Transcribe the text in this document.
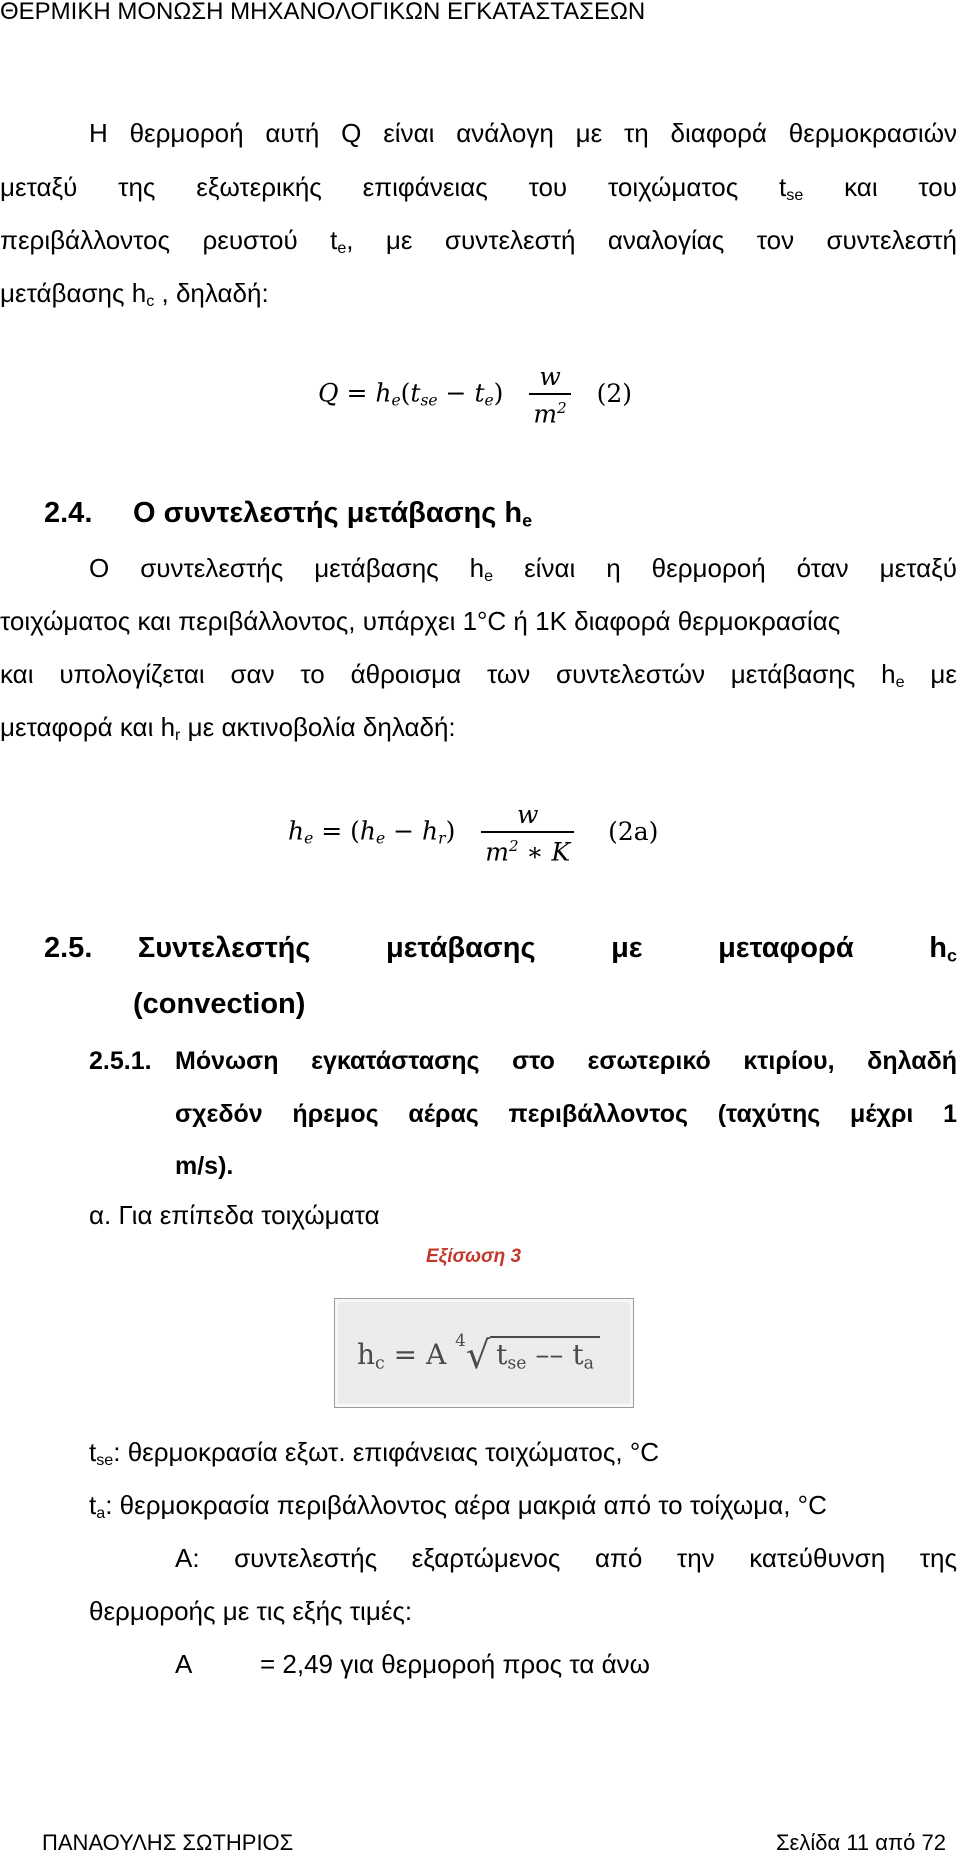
ΘΕΡΜΙΚΗ ΜΟΝΩΣΗ ΜΗΧΑΝΟΛΟΓΙΚΩΝ ΕΓΚΑΤΑΣΤΑΣΕΩΝ
Η θερμοροή αυτή Q είναι ανάλογη με τη διαφορά θερμοκρασιών
μεταξύ της εξωτερικής επιφάνειας του τοιχώματος $t_{se}$ και του
περιβάλλοντος ρευστού $t_e$, με συντελεστή αναλογίας τον συντελεστή
μετάβασης $h_c$ , δηλαδή:
$Q = h_e(t_{se} - t_e) \frac{w}{m^2} (2)$
2.4. Ο συντελεστής μετάβασης $h_e$
Ο συντελεστής μετάβασης $h_e$ είναι η θερμοροή όταν μεταξύ
τοιχώματος και περιβάλλοντος, υπάρχει 1°C ή 1K διαφορά θερμοκρασίας
και υπολογίζεται σαν το άθροισμα των συντελεστών μετάβασης $h_e$ με
μεταφορά και $h_r$ με ακτινοβολία δηλαδή:
$h_e = (h_e - h_r) \frac{w}{m^2 ∗ K} (2a)$
2.5. Συντελεστής	μετάβασης	με	μεταφορά	$h_c$
(convection)
2.5.1. Μόνωση εγκατάστασης στο εσωτερικό κτιρίου, δηλαδή
σχεδόν ήρεμος αέρας περιβάλλοντος (ταχύτης μέχρι 1
m/s).
α. Για επίπεδα τοιχώματα
Εξίσωση 3
$h_c = A$ $^4$√ $t_{se} -- t_a$
$t_{se}$: θερμοκρασία εξωτ. επιφάνειας τοιχώματος, °C
$t_a$: θερμοκρασία περιβάλλοντος αέρα μακριά από το τοίχωμα, °C
Α: συντελεστής εξαρτώμενος από την κατεύθυνση της
θερμοροής με τις εξής τιμές:
A	= 2,49 για θερμοροή προς τα άνω
ΠΑΝΑΟΥΛΗΣ ΣΩΤΗΡΙΟΣ	Σελίδα 11 από 72
